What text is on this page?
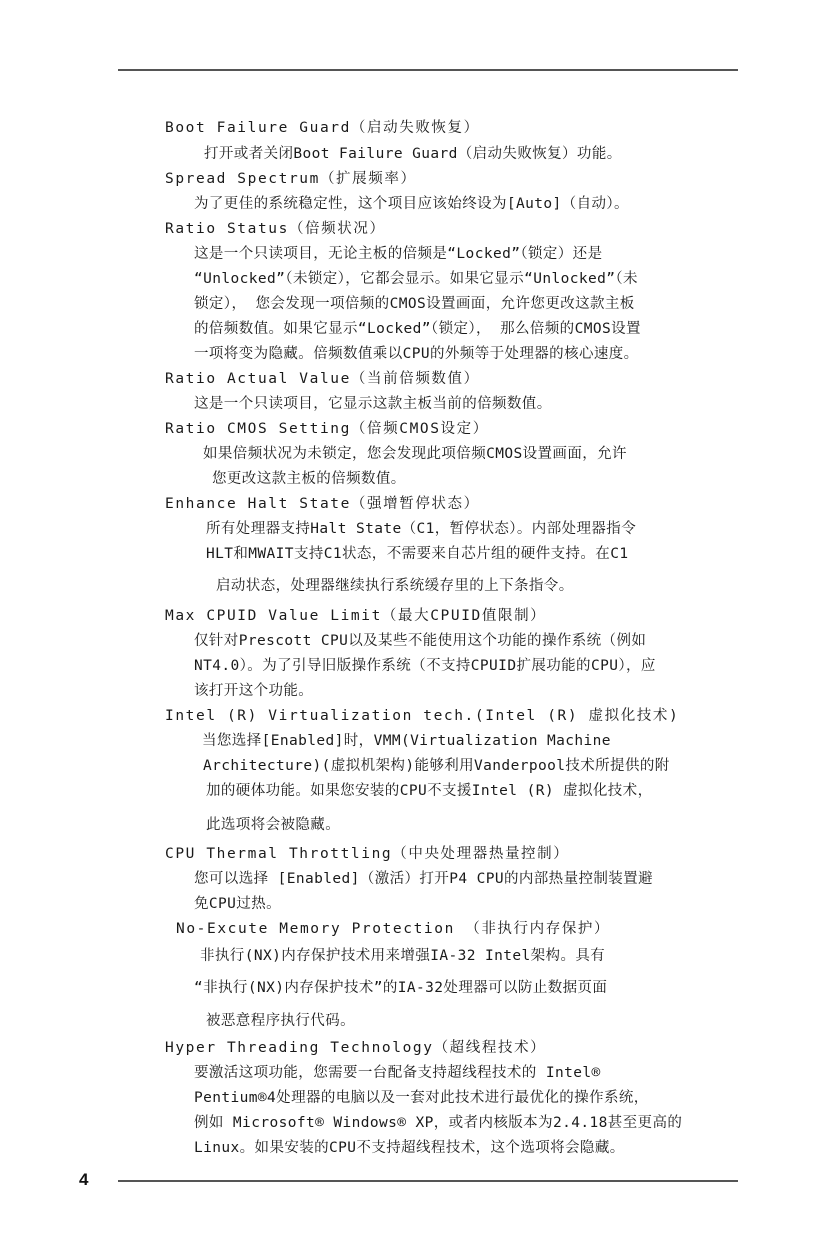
Boot Failure Guard（启动失败恢复）
打开或者关闭Boot Failure Guard（启动失败恢复）功能。
Spread Spectrum（扩展频率）
为了更佳的系统稳定性，这个项目应该始终设为[Auto]（自动）。
Ratio Status（倍频状况）
这是一个只读项目，无论主板的倍频是“Locked”（锁定）还是
“Unlocked”（未锁定），它都会显示。如果它显示“Unlocked”（未
锁定）， 您会发现一项倍频的CMOS设置画面，允许您更改这款主板
的倍频数值。如果它显示“Locked”（锁定）， 那么倍频的CMOS设置
一项将变为隐藏。倍频数值乘以CPU的外频等于处理器的核心速度。
Ratio Actual Value（当前倍频数值）
这是一个只读项目，它显示这款主板当前的倍频数值。
Ratio CMOS Setting（倍频CMOS设定）
如果倍频状况为未锁定，您会发现此项倍频CMOS设置画面，允许
您更改这款主板的倍频数值。
Enhance Halt State（强增暂停状态）
所有处理器支持Halt State（C1，暂停状态）。内部处理器指令
HLT和MWAIT支持C1状态，不需要来自芯片组的硬件支持。在C1
启动状态，处理器继续执行系统缓存里的上下条指令。
Max CPUID Value Limit（最大CPUID值限制）
仅针对Prescott CPU以及某些不能使用这个功能的操作系统（例如
NT4.0）。为了引导旧版操作系统（不支持CPUID扩展功能的CPU），应
该打开这个功能。
Intel (R) Virtualization tech.(Intel (R) 虚拟化技术)
当您选择[Enabled]时，VMM(Virtualization Machine
Architecture)(虚拟机架构)能够利用Vanderpool技术所提供的附
加的硬体功能。如果您安装的CPU不支援Intel (R) 虚拟化技术，
此选项将会被隐藏。
CPU Thermal Throttling（中央处理器热量控制）
您可以选择 [Enabled]（激活）打开P4 CPU的内部热量控制装置避
免CPU过热。
No-Excute Memory Protection （非执行内存保护）
非执行(NX)内存保护技术用来增强IA-32 Intel架构。具有
“非执行(NX)内存保护技术”的IA-32处理器可以防止数据页面
被恶意程序执行代码。
Hyper Threading Technology（超线程技术）
要激活这项功能，您需要一台配备支持超线程技术的 Intel®
Pentium®4处理器的电脑以及一套对此技术进行最优化的操作系统，
例如 Microsoft® Windows® XP，或者内核版本为2.4.18甚至更高的
Linux。如果安装的CPU不支持超线程技术，这个选项将会隐藏。
4
